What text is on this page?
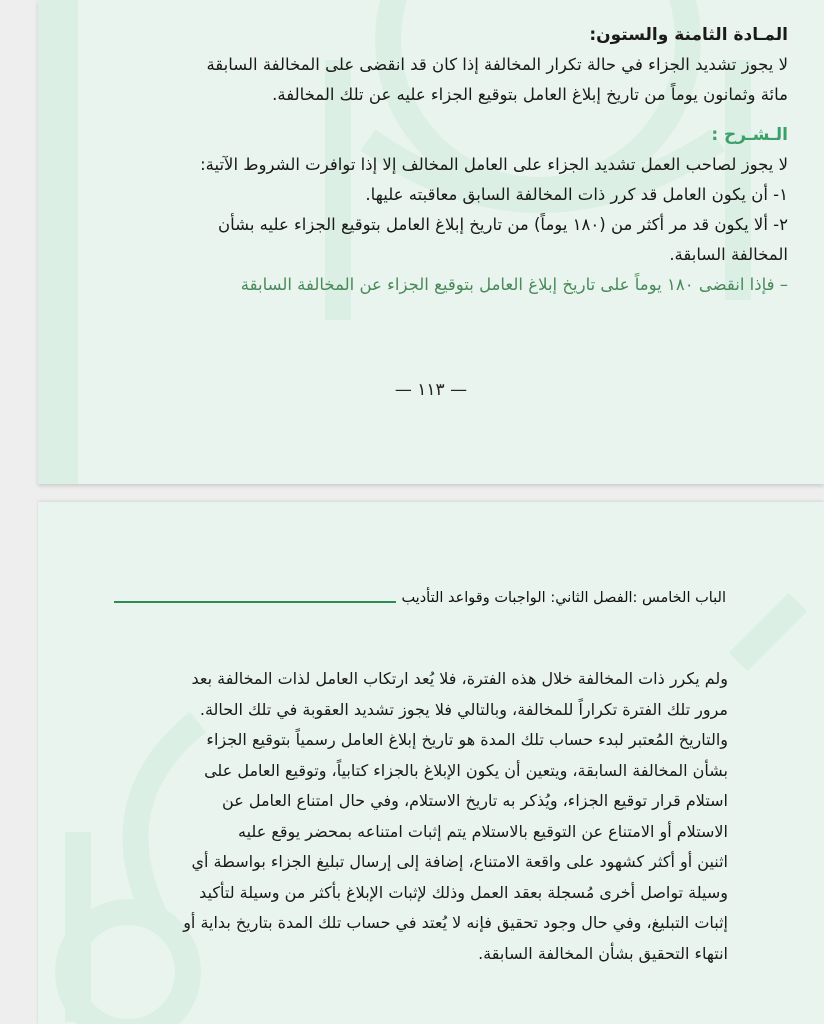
المـادة الثامنة والستون:
لا يجوز تشديد الجزاء في حالة تكرار المخالفة إذا كان قد انقضى على المخالفة السابقة
مائة وثمانون يوماً من تاريخ إبلاغ العامل بتوقيع الجزاء عليه عن تلك المخالفة.
الـشـرح :
لا يجوز لصاحب العمل تشديد الجزاء على العامل المخالف إلا إذا توافرت الشروط الآتية:
١- أن يكون العامل قد كرر ذات المخالفة السابق معاقبته عليها.
٢- ألا يكون قد مر أكثر من (١٨٠ يوماً) من تاريخ إبلاغ العامل بتوقيع الجزاء عليه بشأن
المخالفة السابقة.
– فإذا انقضى ١٨٠ يوماً على تاريخ إبلاغ العامل بتوقيع الجزاء عن المخالفة السابقة
— ١١٣ —
الباب الخامس :الفصل الثاني: الواجبات وقواعد التأديب
ولم يكرر ذات المخالفة خلال هذه الفترة، فلا يُعد ارتكاب العامل لذات المخالفة بعد
مرور تلك الفترة تكراراً للمخالفة، وبالتالي فلا يجوز تشديد العقوبة في تلك الحالة.
والتاريخ المُعتبر لبدء حساب تلك المدة هو تاريخ إبلاغ العامل رسمياً بتوقيع الجزاء
بشأن المخالفة السابقة، ويتعين أن يكون الإبلاغ بالجزاء كتابياً، وتوقيع العامل على
استلام قرار توقيع الجزاء، ويُذكر به تاريخ الاستلام، وفي حال امتناع العامل عن
الاستلام أو الامتناع عن التوقيع بالاستلام يتم إثبات امتناعه بمحضر يوقع عليه
اثنين أو أكثر كشهود على واقعة الامتناع، إضافة إلى إرسال تبليغ الجزاء بواسطة أي
وسيلة تواصل أخرى مُسجلة بعقد العمل وذلك لإثبات الإبلاغ بأكثر من وسيلة لتأكيد
إثبات التبليغ، وفي حال وجود تحقيق فإنه لا يُعتد في حساب تلك المدة بتاريخ بداية أو
انتهاء التحقيق بشأن المخالفة السابقة.
